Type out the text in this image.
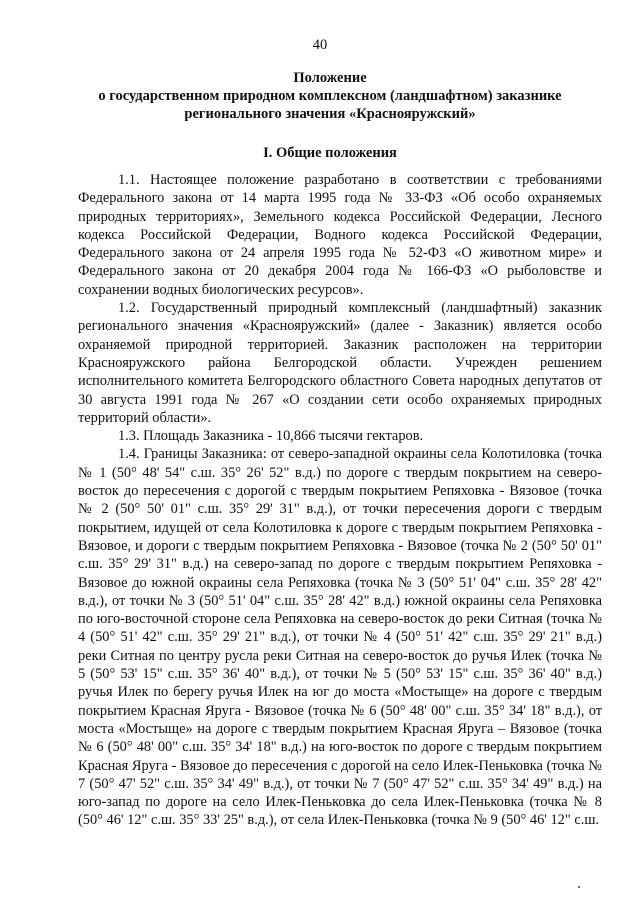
40
Положение
о государственном природном комплексном (ландшафтном) заказнике
регионального значения «Краснояружский»
I. Общие положения

1.1. Настоящее положение разработано в соответствии с требованиями Федерального закона от 14 марта 1995 года № 33-ФЗ «Об особо охраняемых природных территориях», Земельного кодекса Российской Федерации, Лесного кодекса Российской Федерации, Водного кодекса Российской Федерации, Федерального закона от 24 апреля 1995 года № 52-ФЗ «О животном мире» и Федерального закона от 20 декабря 2004 года № 166-ФЗ «О рыболовстве и сохранении водных биологических ресурсов».

1.2. Государственный природный комплексный (ландшафтный) заказник регионального значения «Краснояружский» (далее - Заказник) является особо охраняемой природной территорией. Заказник расположен на территории Краснояружского района Белгородской области. Учрежден решением исполнительного комитета Белгородского областного Совета народных депутатов от 30 августа 1991 года № 267 «О создании сети особо охраняемых природных территорий области».

1.3. Площадь Заказника - 10,866 тысячи гектаров.

1.4. Границы Заказника: от северо-западной окраины села Колотиловка (точка № 1 (50° 48' 54" с.ш. 35° 26' 52" в.д.) по дороге с твердым покрытием на северо-восток до пересечения с дорогой с твердым покрытием Репяховка - Вязовое (точка № 2 (50° 50' 01" с.ш. 35° 29' 31" в.д.), от точки пересечения дороги с твердым покрытием, идущей от села Колотиловка к дороге с твердым покрытием Репяховка - Вязовое, и дороги с твердым покрытием Репяховка - Вязовое (точка № 2 (50° 50' 01" с.ш. 35° 29' 31" в.д.) на северо-запад по дороге с твердым покрытием Репяховка - Вязовое до южной окраины села Репяховка (точка № 3 (50° 51' 04" с.ш. 35° 28' 42" в.д.), от точки № 3 (50° 51' 04" с.ш. 35° 28' 42" в.д.) южной окраины села Репяховка по юго-восточной стороне села Репяховка на северо-восток до реки Ситная (точка № 4 (50° 51' 42" с.ш. 35° 29' 21" в.д.), от точки № 4 (50° 51' 42" с.ш. 35° 29' 21" в.д.) реки Ситная по центру русла реки Ситная на северо-восток до ручья Илек (точка № 5 (50° 53' 15" с.ш. 35° 36' 40" в.д.), от точки № 5 (50° 53' 15" с.ш. 35° 36' 40" в.д.) ручья Илек по берегу ручья Илек на юг до моста «Мостыще» на дороге с твердым покрытием Красная Яруга - Вязовое (точка № 6 (50° 48' 00" с.ш. 35° 34' 18" в.д.), от моста «Мостыще» на дороге с твердым покрытием Красная Яруга – Вязовое (точка № 6 (50° 48' 00" с.ш. 35° 34' 18" в.д.) на юго-восток по дороге с твердым покрытием Красная Яруга - Вязовое до пересечения с дорогой на село Илек-Пеньковка (точка № 7 (50° 47' 52" с.ш. 35° 34' 49" в.д.), от точки № 7 (50° 47' 52" с.ш. 35° 34' 49" в.д.) на юго-запад по дороге на село Илек-Пеньковка до села Илек-Пеньковка (точка № 8 (50° 46' 12" с.ш. 35° 33' 25" в.д.), от села Илек-Пеньковка (точка № 9 (50° 46' 12" с.ш.
